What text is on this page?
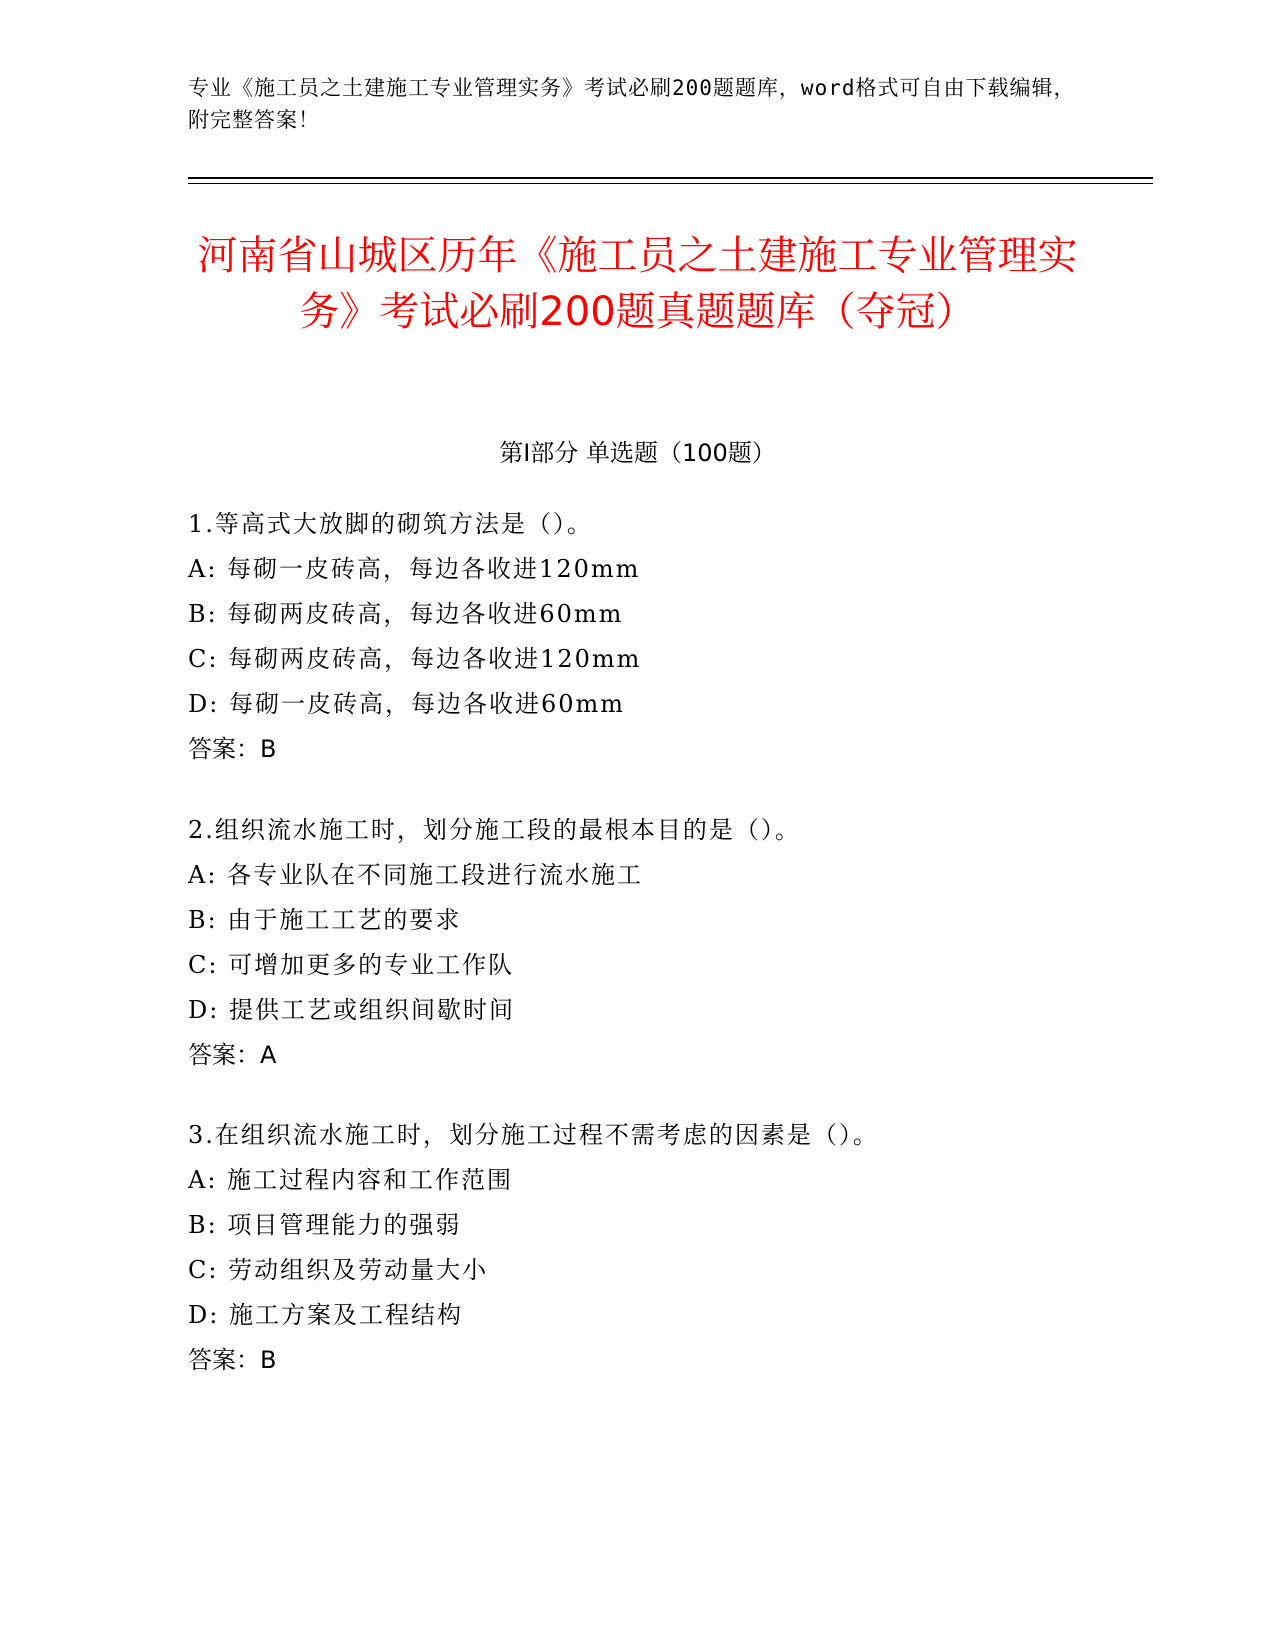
专业《施工员之土建施工专业管理实务》考试必刷200题题库，word格式可自由下载编辑，附完整答案！
河南省山城区历年《施工员之土建施工专业管理实务》考试必刷200题真题题库（夺冠）
第I部分 单选题（100题）
1.等高式大放脚的砌筑方法是（）。
A: 每砌一皮砖高，每边各收进120mm
B: 每砌两皮砖高，每边各收进60mm
C: 每砌两皮砖高，每边各收进120mm
D: 每砌一皮砖高，每边各收进60mm
答案：B
2.组织流水施工时，划分施工段的最根本目的是（）。
A: 各专业队在不同施工段进行流水施工
B: 由于施工工艺的要求
C: 可增加更多的专业工作队
D: 提供工艺或组织间歇时间
答案：A
3.在组织流水施工时，划分施工过程不需考虑的因素是（）。
A: 施工过程内容和工作范围
B: 项目管理能力的强弱
C: 劳动组织及劳动量大小
D: 施工方案及工程结构
答案：B
